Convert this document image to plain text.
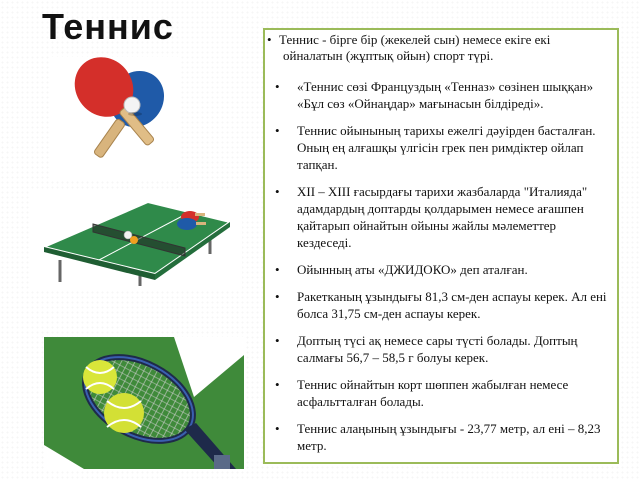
Теннис	• Теннис - бірге бір (жекелей сын) немесе екіге екі
ойналатын (жұптық ойын) спорт түрі.
• «Теннис сөзі Француздың «Тенназ» сөзінен шыққан» «Бұл сөз «Ойнаңдар» мағынасын білдіреді».
• Теннис ойынының тарихы ежелгі дәуірден басталған. Оның ең алғашқы үлгісін грек пен римдіктер ойлап тапқан.
• XII – XIII ғасырдағы тарихи жазбаларда "Италияда" адамдардың доптарды қолдарымен немесе ағашпен қайтарып ойнайтын ойыны жайлы мәлеметтер кездеседі.
• Ойынның аты «ДЖИДОКО» деп аталған.
• Ракетканың ұзындығы 81,3 см-ден аспауы керек. Ал ені болса 31,75 см-ден аспауы керек.
• Доптың түсі ақ немесе сары түсті болады. Доптың салмағы 56,7 – 58,5 г болуы керек.
• Теннис ойнайтын корт шөппен жабылған немесе асфальтталған болады.
• Теннис алаңының ұзындығы - 23,77 метр, ал ені – 8,23 метр.
